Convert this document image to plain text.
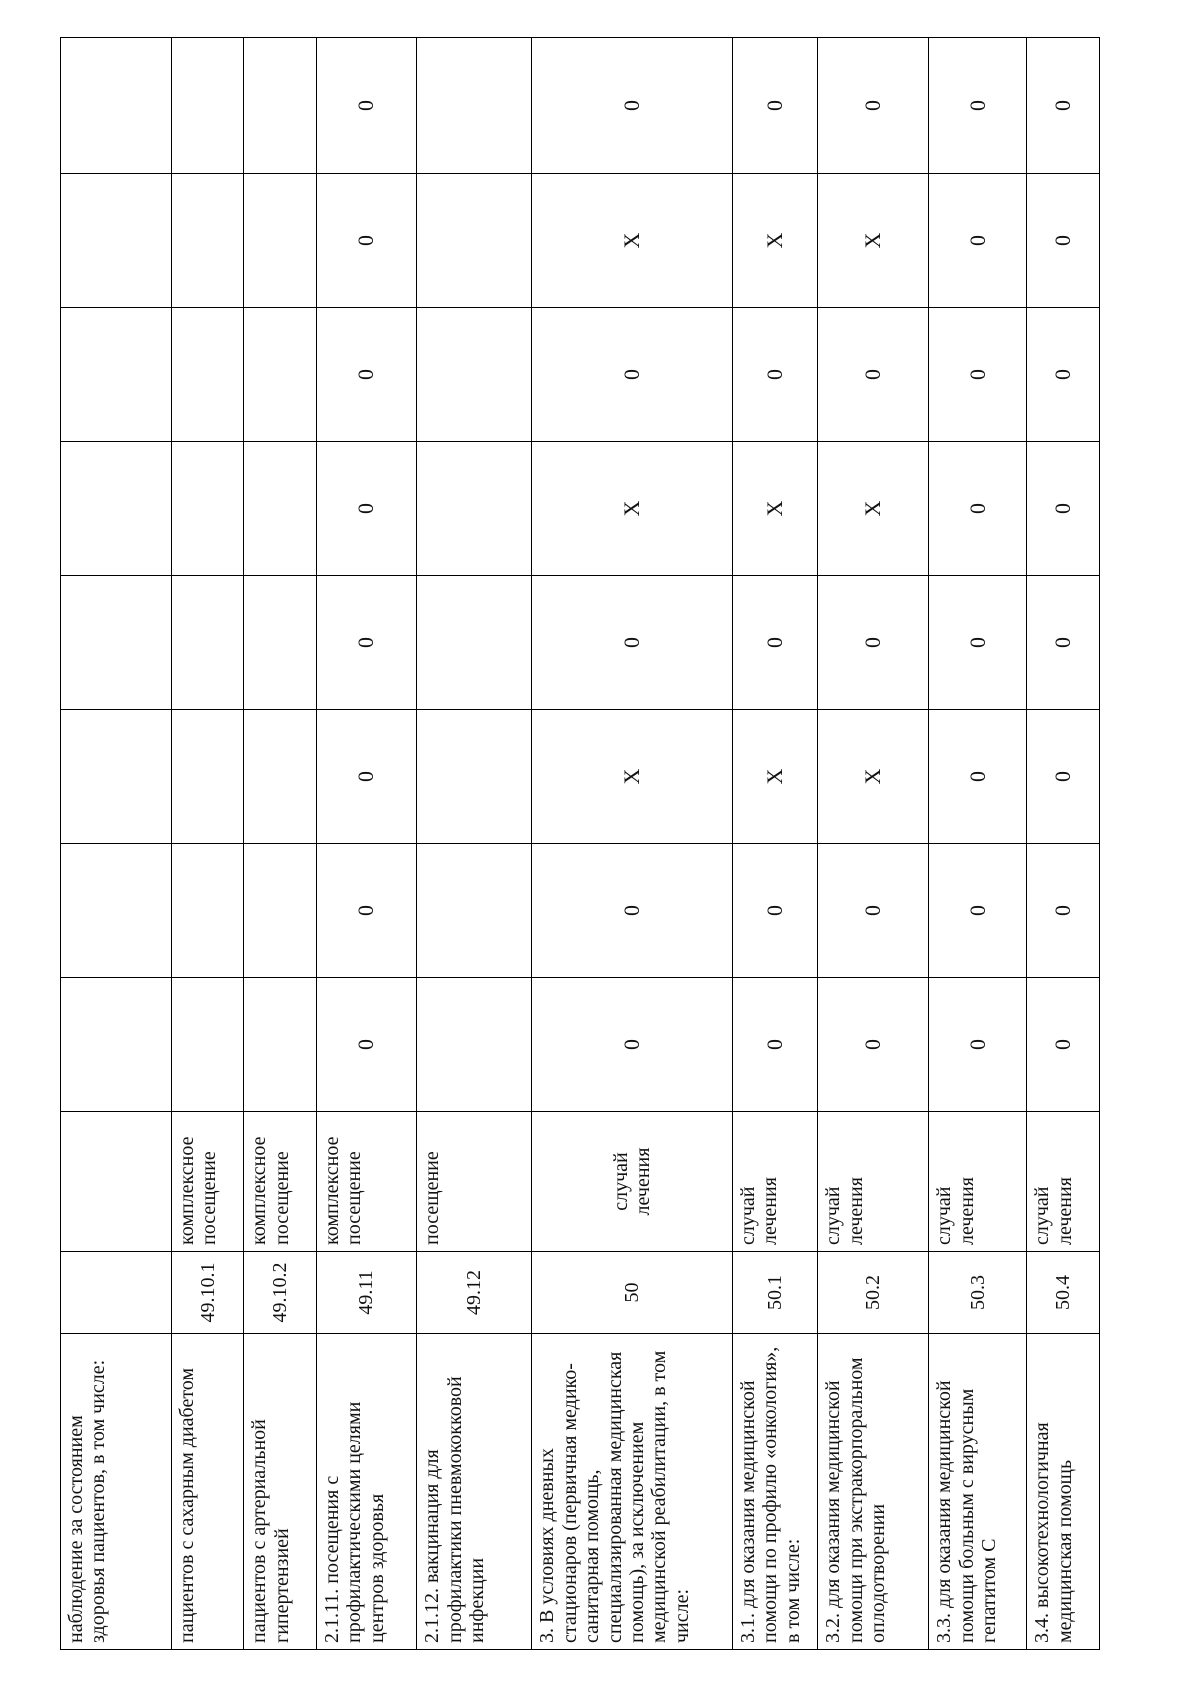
наблюдение за состоянием здоровья пациентов, в том числе:										
пациентов с сахарным диабетом	49.10.1	комплексное посещение								
пациентов с артериальной гипертензией	49.10.2	комплексное посещение								
2.1.11. посещения с профилактическими целями центров здоровья	49.11	комплексное посещение	0	0	0	0	0	0	0	0
2.1.12. вакцинация для профилактики пневмококковой инфекции	49.12	посещение								
3. В условиях дневных стационаров (первичная медико-санитарная помощь, специализированная медицинская помощь), за исключением медицинской реабилитации, в том числе:	50	случай лечения	0	0	X	0	X	0	X	0
3.1. для оказания медицинской помощи по профилю «онкология», в том числе:	50.1	случай лечения	0	0	X	0	X	0	X	0
3.2. для оказания медицинской помощи при экстракорпоральном оплодотворении	50.2	случай лечения	0	0	X	0	X	0	X	0
3.3. для оказания медицинской помощи больным с вирусным гепатитом С	50.3	случай лечения	0	0	0	0	0	0	0	0
3.4. высокотехнологичная медицинская помощь	50.4	случай лечения	0	0	0	0	0	0	0	0
